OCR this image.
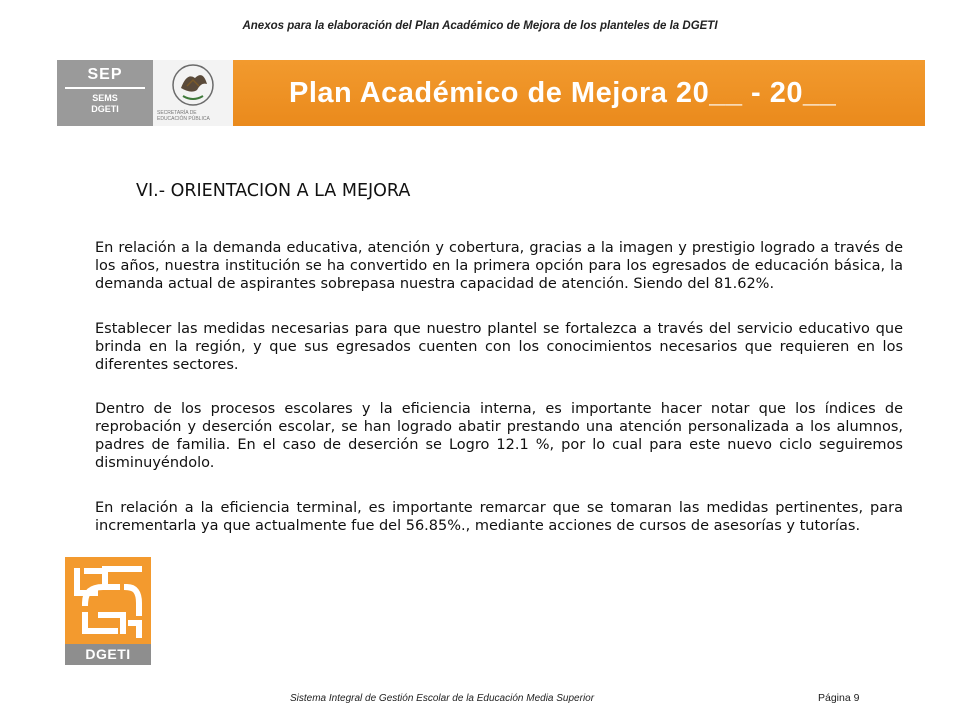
Anexos para la elaboración del Plan Académico de Mejora de los planteles de la DGETI
SEP
SEMS
DGETI	SECRETARÍA DE EDUCACIÓN PÚBLICA
Plan Académico de Mejora 20__ - 20__
VI.- ORIENTACION A LA MEJORA
En relación a la demanda educativa, atención y cobertura, gracias a la imagen y prestigio logrado a través de los años, nuestra institución se ha convertido en la primera opción para los egresados de educación básica, la demanda actual de aspirantes sobrepasa nuestra capacidad de atención. Siendo del 81.62%.
Establecer las medidas necesarias para que nuestro plantel se fortalezca a través del servicio educativo que brinda en la región, y que sus egresados cuenten con los conocimientos necesarios que requieren en los diferentes sectores.
Dentro de los procesos escolares y la eficiencia interna, es importante hacer notar que los índices de reprobación y deserción escolar, se han logrado abatir prestando una atención personalizada a los alumnos, padres de familia. En el caso de deserción se Logro 12.1 %, por lo cual para este nuevo ciclo seguiremos disminuyéndolo.
En relación a la eficiencia terminal, es importante remarcar que se tomaran las medidas pertinentes, para incrementarla ya que actualmente fue del 56.85%., mediante acciones de cursos de asesorías y tutorías.
DGETI
Sistema Integral de Gestión Escolar de la Educación Media Superior	Página 9
